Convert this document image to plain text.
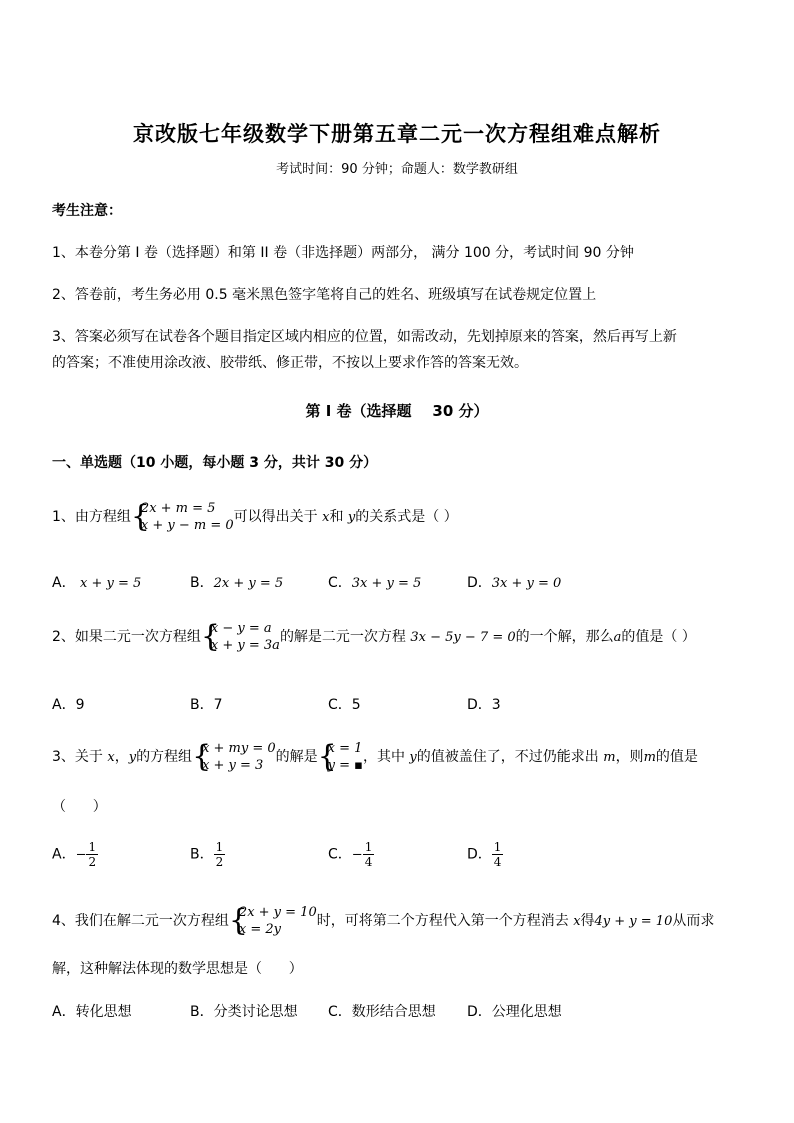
京改版七年级数学下册第五章二元一次方程组难点解析
考试时间：90 分钟；命题人：数学教研组
考生注意：
1、本卷分第 I 卷（选择题）和第 II 卷（非选择题）两部分， 满分 100 分，考试时间 90 分钟
2、答卷前，考生务必用 0.5 毫米黑色签字笔将自己的姓名、班级填写在试卷规定位置上
3、答案必须写在试卷各个题目指定区域内相应的位置，如需改动，先划掉原来的答案，然后再写上新
的答案；不准使用涂改液、胶带纸、修正带，不按以上要求作答的答案无效。
第 I 卷（选择题    30 分）
一、单选题（10 小题，每小题 3 分，共计 30 分）
1、由方程组 {
2x + m = 5
x + y − m = 0
可以得出关于 x和 y的关系式是（ ）
A． x + y = 5	B．2x + y = 5	C．3x + y = 5	D．3x + y = 0
2、如果二元一次方程组 {
x − y = a
x + y = 3a
的解是二元一次方程 3x − 5y − 7 = 0的一个解，那么a的值是（ ）
A．9	B．7	C．5	D．3
3、关于 x，y的方程组 {
x + my = 0
x + y = 3
的解是 {
x = 1
y = ▪
，其中 y的值被盖住了，不过仍能求出 m，则m的值是
（      ）
A．− $\frac{1}{2}$	B． $\frac{1}{2}$	C．− $\frac{1}{4}$	D． $\frac{1}{4}$
4、我们在解二元一次方程组 {
2x + y = 10
x = 2y
时，可将第二个方程代入第一个方程消去 x得4y + y = 10从而求
解，这种解法体现的数学思想是（      ）
A．转化思想	B．分类讨论思想 C．数形结合思想 D．公理化思想
